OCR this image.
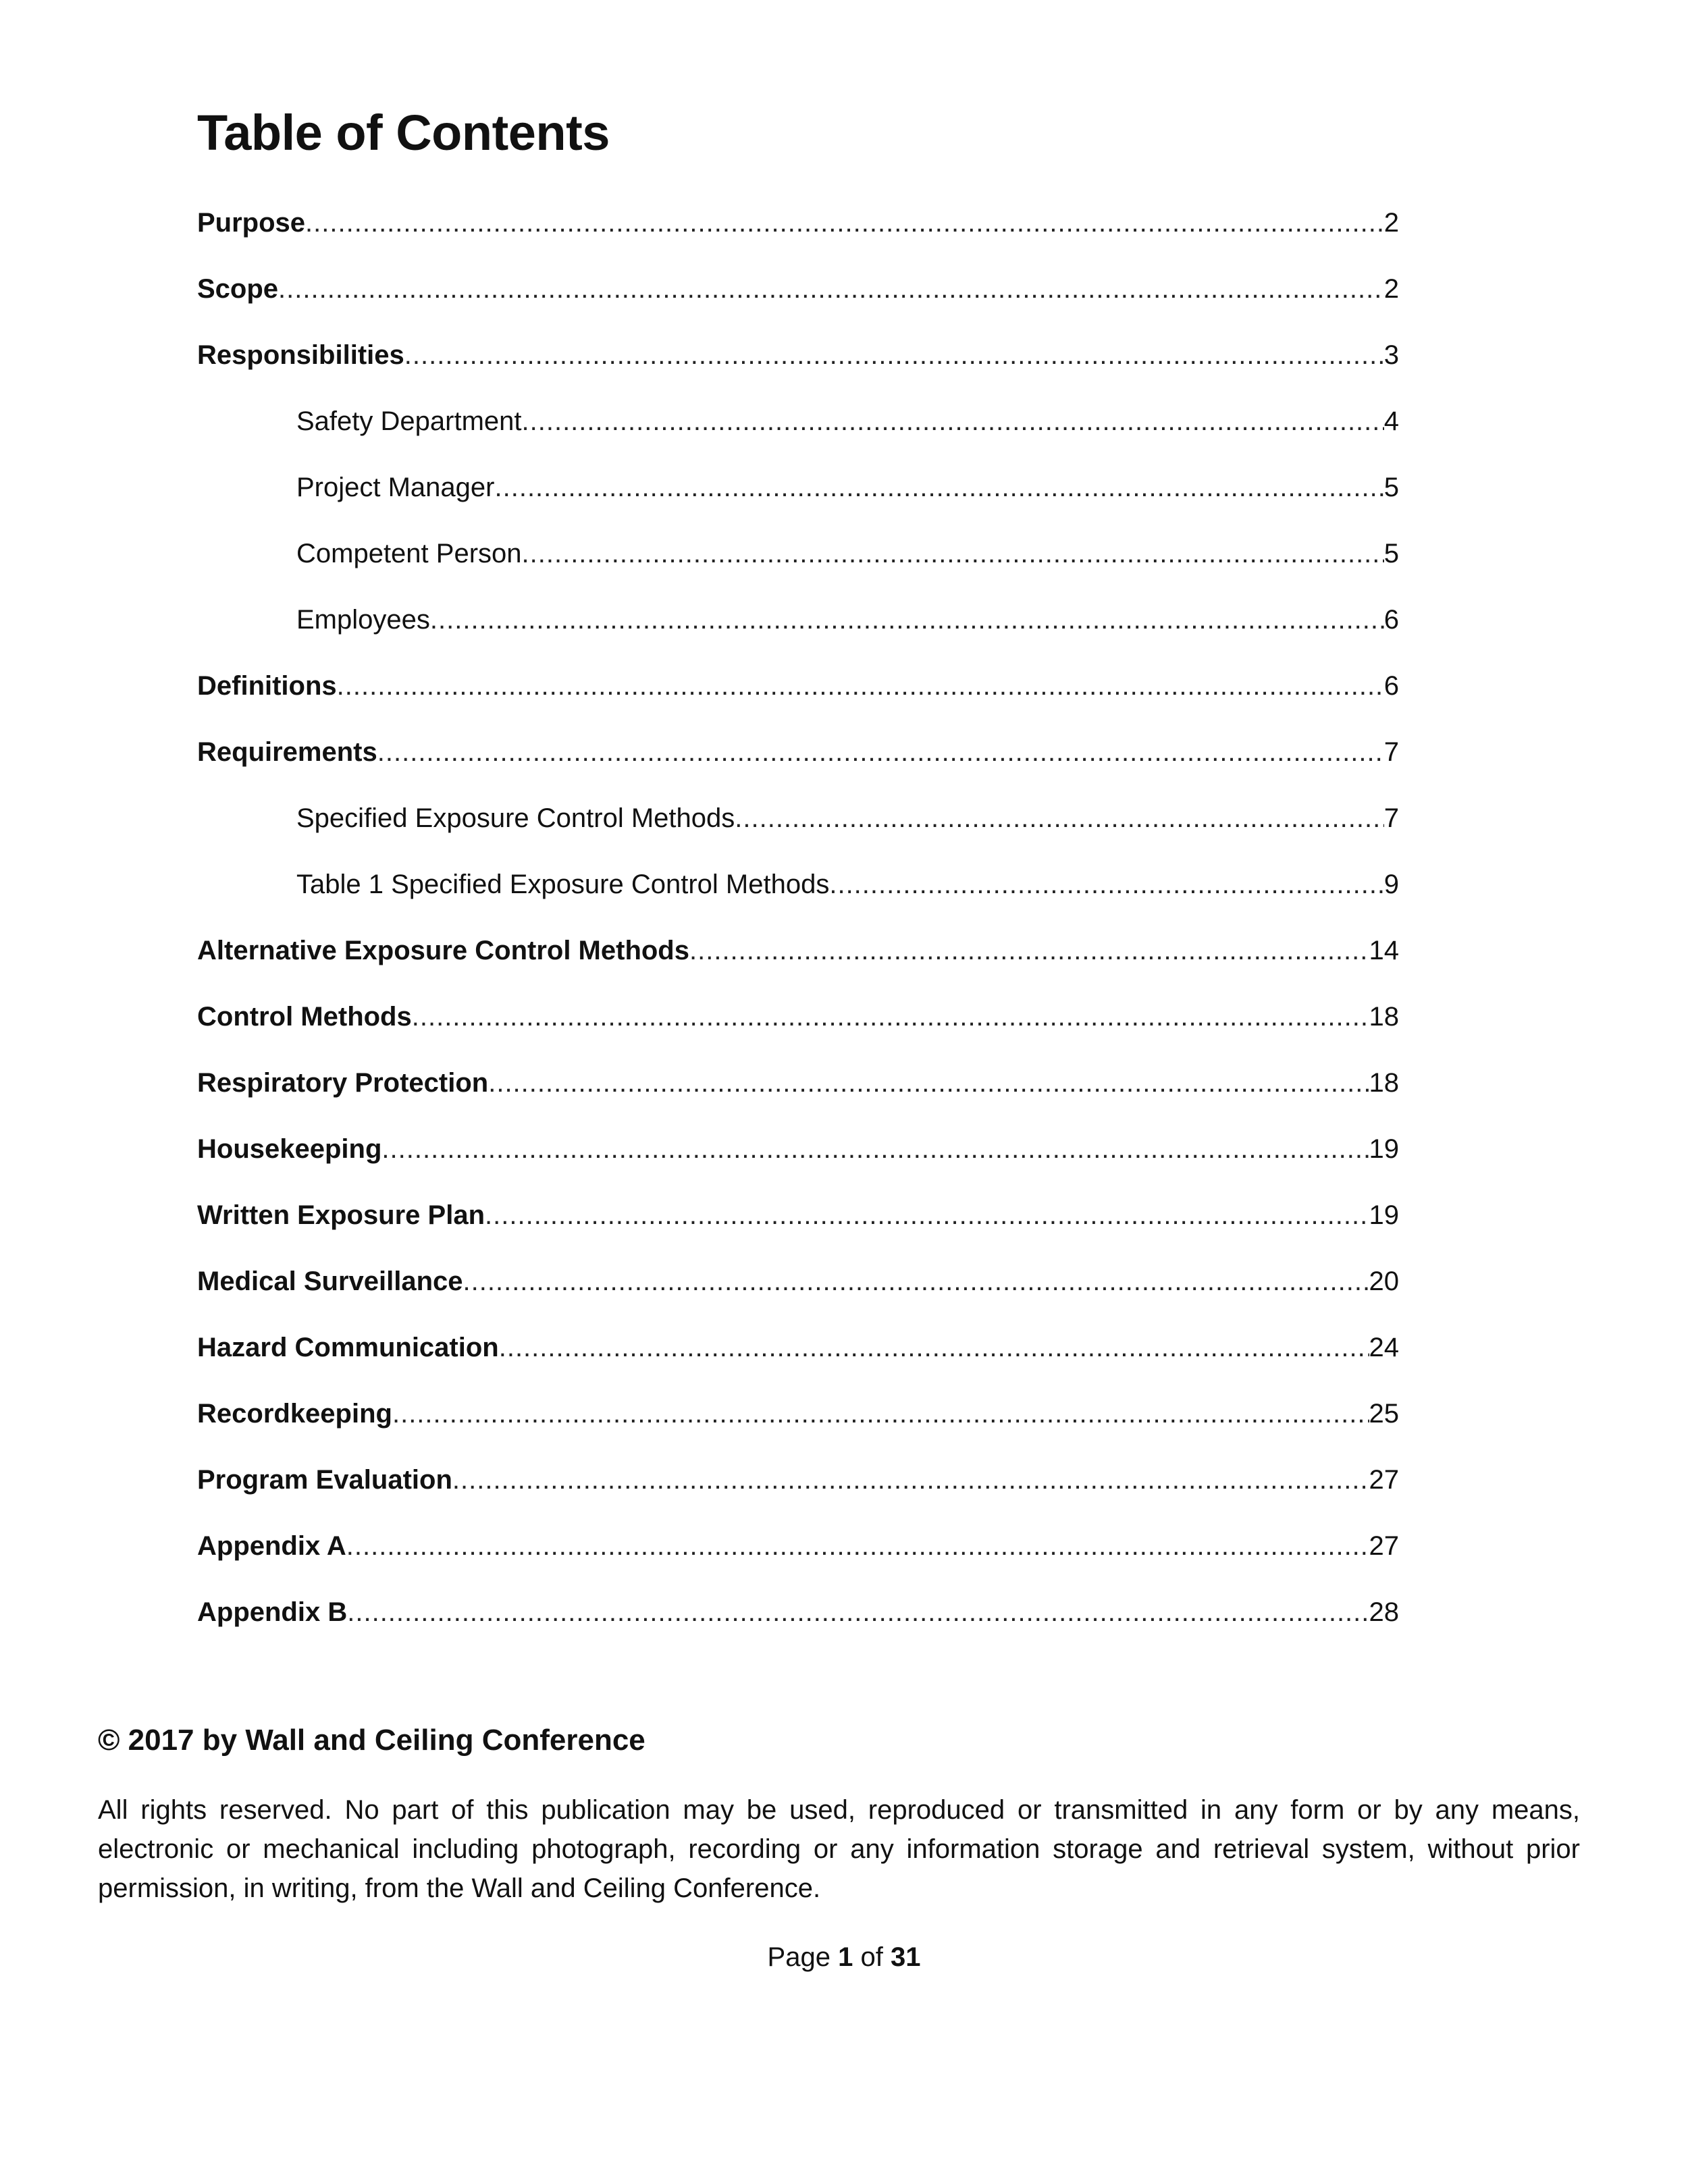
Table of Contents
Purpose .....	2
Scope .....	2
Responsibilities .....	3
Safety Department .....	4
Project Manager .....	5
Competent Person .....	5
Employees .....	6
Definitions .....	6
Requirements .....	7
Specified Exposure Control Methods .....	7
Table 1 Specified Exposure Control Methods .....	9
Alternative Exposure Control Methods .....	14
Control Methods .....	18
Respiratory Protection .....	18
Housekeeping .....	19
Written Exposure Plan .....	19
Medical Surveillance .....	20
Hazard Communication .....	24
Recordkeeping .....	25
Program Evaluation .....	27
Appendix A .....	27
Appendix B .....	28
© 2017 by Wall and Ceiling Conference

All rights reserved. No part of this publication may be used, reproduced or transmitted in any form or by any means, electronic or mechanical including photograph, recording or any information storage and retrieval system, without prior permission, in writing, from the Wall and Ceiling Conference.

Page 1 of 31
